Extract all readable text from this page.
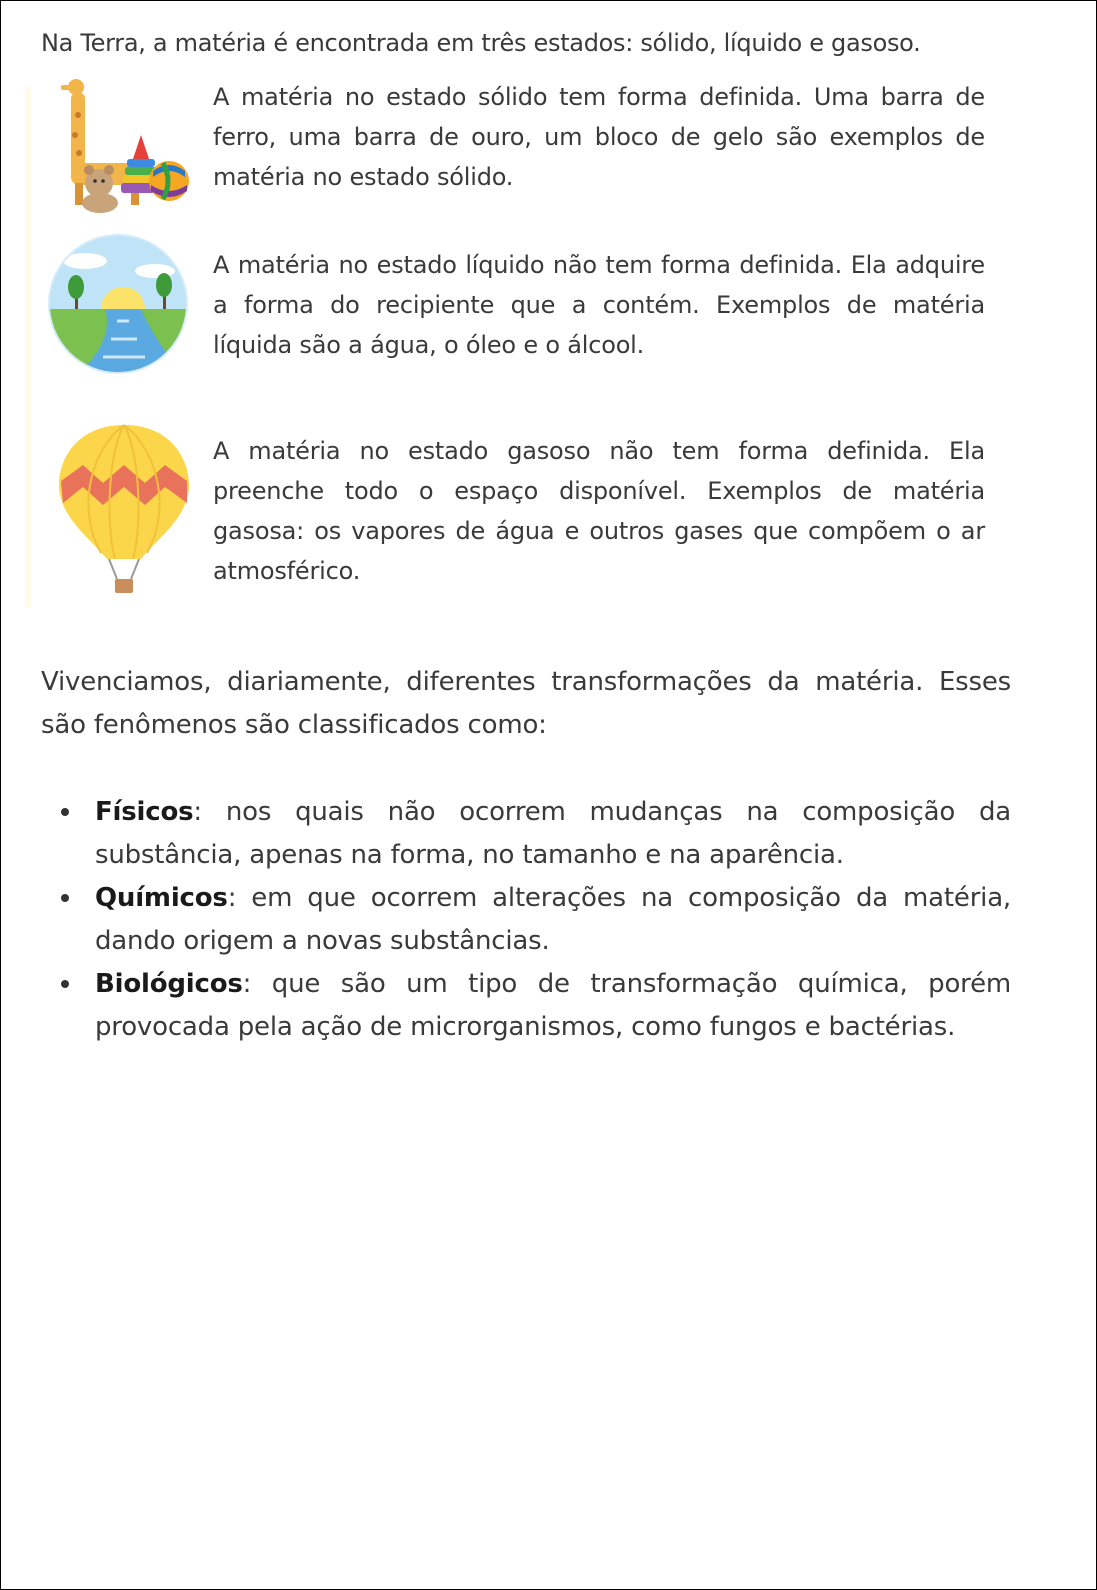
Na Terra, a matéria é encontrada em três estados: sólido, líquido e gasoso.

A matéria no estado sólido tem forma definida. Uma barra de ferro, uma barra de ouro, um bloco de gelo são exemplos de matéria no estado sólido.

A matéria no estado líquido não tem forma definida. Ela adquire a forma do recipiente que a contém. Exemplos de matéria líquida são a água, o óleo e o álcool.

A matéria no estado gasoso não tem forma definida. Ela preenche todo o espaço disponível. Exemplos de matéria gasosa: os vapores de água e outros gases que compõem o ar atmosférico.

Vivenciamos, diariamente, diferentes transformações da matéria. Esses são fenômenos são classificados como:

Físicos: nos quais não ocorrem mudanças na composição da substância, apenas na forma, no tamanho e na aparência.
Químicos: em que ocorrem alterações na composição da matéria, dando origem a novas substâncias.
Biológicos: que são um tipo de transformação química, porém provocada pela ação de microrganismos, como fungos e bactérias.
